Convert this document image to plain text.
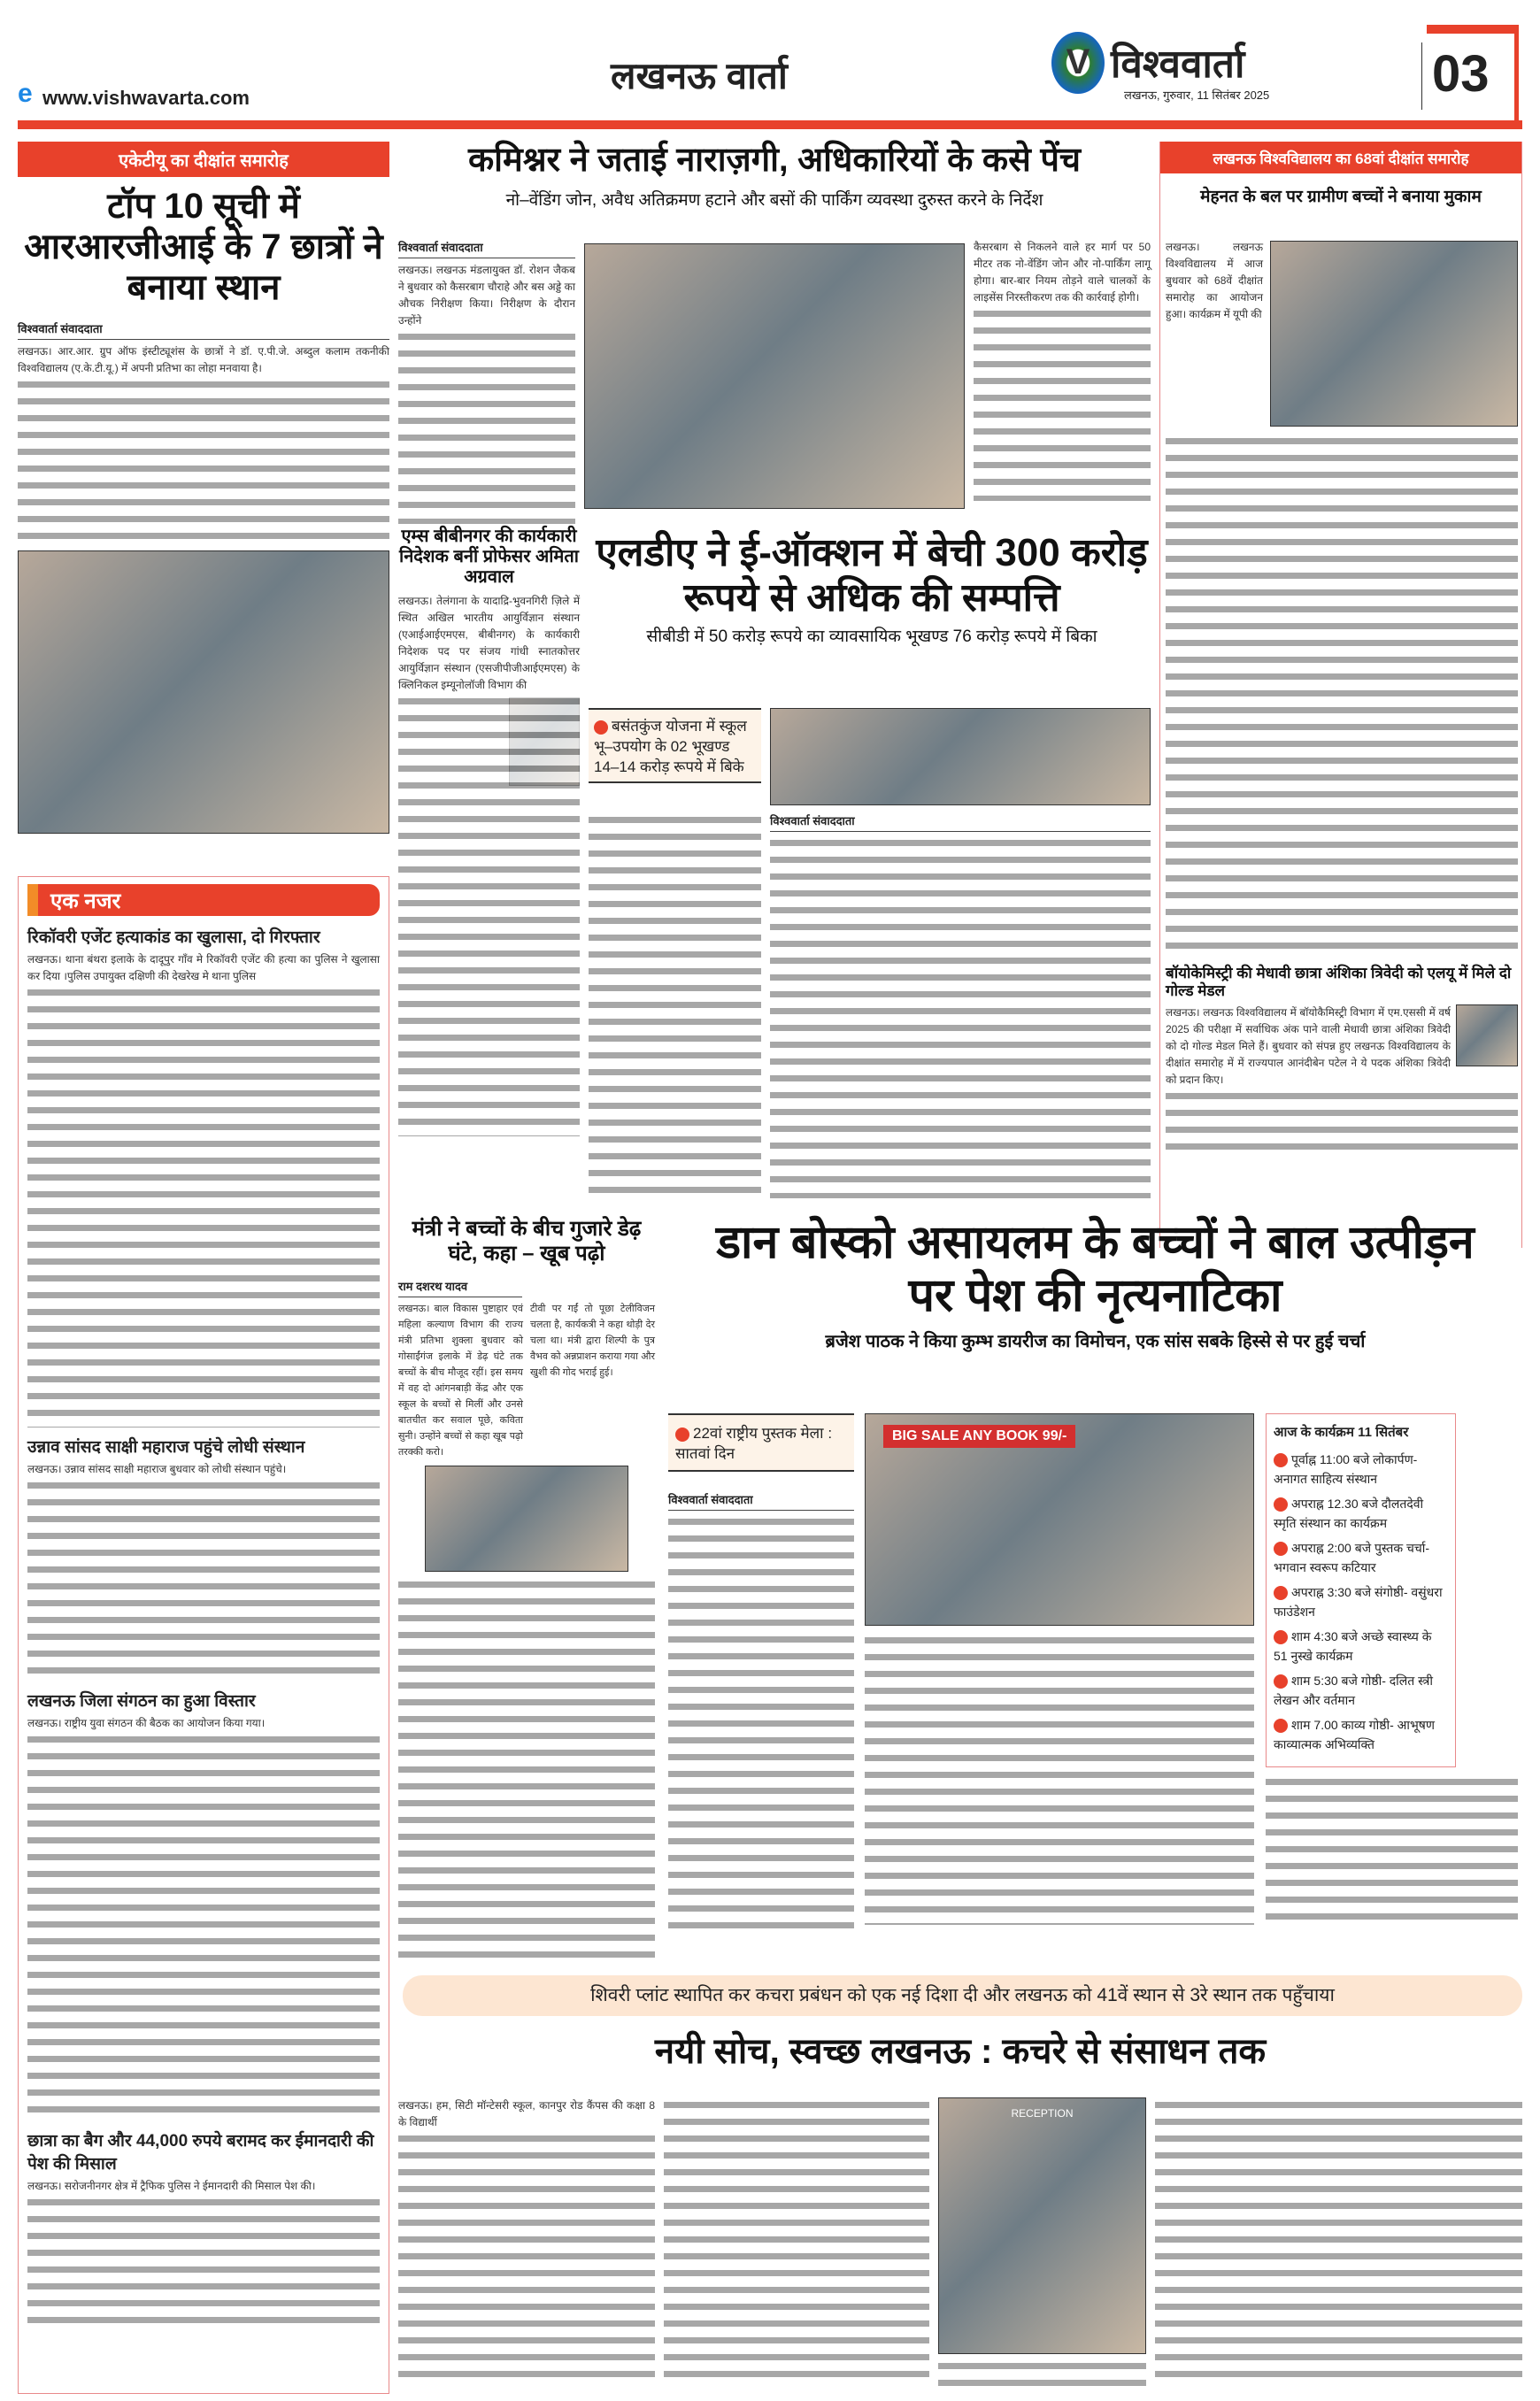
e www.vishwavarta.com
लखनऊ वार्ता	V विश्ववार्ता
लखनऊ, गुरुवार, 11 सितंबर 2025	03
एकेटीयू का दीक्षांत समारोह
टॉप 10 सूची में आरआरजीआई के 7 छात्रों ने बनाया स्थान
विश्ववार्ता संवाददाता
लखनऊ। आर.आर. ग्रुप ऑफ इंस्टीट्यूशंस के छात्रों ने डॉ. ए.पी.जे. अब्दुल कलाम तकनीकी विश्वविद्यालय (ए.के.टी.यू.) में अपनी प्रतिभा का लोहा मनवाया है।
एक नजर
रिकॉवरी एजेंट हत्याकांड का खुलासा, दो गिरफ्तार
लखनऊ। थाना बंथरा इलाके के दादूपुर गाँव मे रिकॉवरी एजेंट की हत्या का पुलिस ने खुलासा कर दिया ।पुलिस उपायुक्त दक्षिणी की देखरेख मे थाना पुलिस
उन्नाव सांसद साक्षी महाराज पहुंचे लोधी संस्थान
लखनऊ। उन्नाव सांसद साक्षी महाराज बुधवार को लोधी संस्थान पहुंचे।
लखनऊ जिला संगठन का हुआ विस्तार
लखनऊ। राष्ट्रीय युवा संगठन की बैठक का आयोजन किया गया।
छात्रा का बैग और 44,000 रुपये बरामद कर ईमानदारी की पेश की मिसाल
लखनऊ। सरोजनीनगर क्षेत्र में ट्रैफिक पुलिस ने ईमानदारी की मिसाल पेश की।
कमिश्नर ने जताई नाराज़गी, अधिकारियों के कसे पेंच
नो–वेंडिंग जोन, अवैध अतिक्रमण हटाने और बसों की पार्किंग व्यवस्था दुरुस्त करने के निर्देश
विश्ववार्ता संवाददाता
लखनऊ। लखनऊ मंडलायुक्त डॉ. रोशन जैकब ने बुधवार को कैसरबाग चौराहे और बस अड्डे का औचक निरीक्षण किया। निरीक्षण के दौरान उन्होंने
कैसरबाग से निकलने वाले हर मार्ग पर 50 मीटर तक नो-वेंडिंग जोन और नो-पार्किंग लागू होगा। बार-बार नियम तोड़ने वाले चालकों के लाइसेंस निरस्तीकरण तक की कार्रवाई होगी।
एम्स बीबीनगर की कार्यकारी निदेशक बनीं प्रोफेसर अमिता अग्रवाल
लखनऊ। तेलंगाना के यादाद्रि-भुवनगिरी ज़िले में स्थित अखिल भारतीय आयुर्विज्ञान संस्थान (एआईआईएमएस, बीबीनगर) के कार्यकारी निदेशक पद पर संजय गांधी स्नातकोत्तर आयुर्विज्ञान संस्थान (एसजीपीजीआईएमएस) के क्लिनिकल इम्यूनोलॉजी विभाग की
एलडीए ने ई-ऑक्शन में बेची 300 करोड़ रूपये से अधिक की सम्पत्ति
सीबीडी में 50 करोड़ रूपये का व्यावसायिक भूखण्ड 76 करोड़ रूपये में बिका
बसंतकुंज योजना में स्कूल भू–उपयोग के 02 भूखण्ड 14–14 करोड़ रूपये में बिके
विश्ववार्ता संवाददाता
लखनऊ विश्वविद्यालय का 68वां दीक्षांत समारोह
मेहनत के बल पर ग्रामीण बच्चों ने बनाया मुकाम
लखनऊ। लखनऊ विश्वविद्यालय में आज बुधवार को 68वें दीक्षांत समारोह का आयोजन हुआ। कार्यक्रम में यूपी की
बॉयोकेमिस्ट्री की मेधावी छात्रा अंशिका त्रिवेदी को एलयू में मिले दो गोल्ड मेडल
लखनऊ। लखनऊ विश्वविद्यालय में बॉयोकैमिस्ट्री विभाग में एम.एससी में वर्ष 2025 की परीक्षा में सर्वाधिक अंक पाने वाली मेधावी छात्रा अंशिका त्रिवेदी को दो गोल्ड मेडल मिले हैं। बुधवार को संपन्न हुए लखनऊ विश्वविद्यालय के दीक्षांत समारोह में में राज्यपाल आनंदीबेन पटेल ने ये पदक अंशिका त्रिवेदी को प्रदान किए।
मंत्री ने बच्चों के बीच गुजारे डेढ़ घंटे, कहा – खूब पढ़ो
राम दशरथ यादव
लखनऊ। बाल विकास पुष्टाहार एवं महिला कल्याण विभाग की राज्य मंत्री प्रतिभा शुक्ला बुधवार को गोसाईंगंज इलाके में डेढ़ घंटे तक बच्चों के बीच मौजूद रहीं। इस समय में वह दो आंगनबाड़ी केंद्र और एक स्कूल के बच्चों से मिलीं और उनसे बातचीत कर सवाल पूछे, कविता सुनी। उन्होंने बच्चों से कहा खूब पढ़ो तरक्की करो।
टीवी पर गईं तो पूछा टेलीविजन चलता है, कार्यकत्री ने कहा थोड़ी देर चला था। मंत्री द्वारा शिल्पी के पुत्र वैभव को अन्नप्राशन कराया गया और खुशी की गोद भराई हुई।
डान बोस्को असायलम के बच्चों ने बाल उत्पीड़न पर पेश की नृत्यनाटिका
ब्रजेश पाठक ने किया कुम्भ डायरीज का विमोचन, एक सांस सबके हिस्से से पर हुई चर्चा
22वां राष्ट्रीय पुस्तक मेला : सातवां दिन
BIG SALE ANY BOOK 99/-
विश्ववार्ता संवाददाता
आज के कार्यक्रम 11 सितंबर
पूर्वाह्न 11:00 बजे लोकार्पण- अनागत साहित्य संस्थान
अपराह्न 12.30 बजे दौलतदेवी स्मृति संस्थान का कार्यक्रम
अपराह्न 2:00 बजे पुस्तक चर्चा- भगवान स्वरूप कटियार
अपराह्न 3:30 बजे संगोष्ठी- वसुंधरा फाउंडेशन
शाम 4:30 बजे अच्छे स्वास्थ्य के 51 नुस्खे कार्यक्रम
शाम 5:30 बजे गोष्ठी- दलित स्त्री लेखन और वर्तमान
शाम 7.00 काव्य गोष्ठी- आभूषण काव्यात्मक अभिव्यक्ति
शिवरी प्लांट स्थापित कर कचरा प्रबंधन को एक नई दिशा दी और लखनऊ को 41वें स्थान से 3रे स्थान तक पहुँचाया
नयी सोच, स्वच्छ लखनऊ : कचरे से संसाधन तक
लखनऊ। हम, सिटी मॉन्टेसरी स्कूल, कानपुर रोड कैंपस की कक्षा 8 के विद्यार्थी
RECEPTION
